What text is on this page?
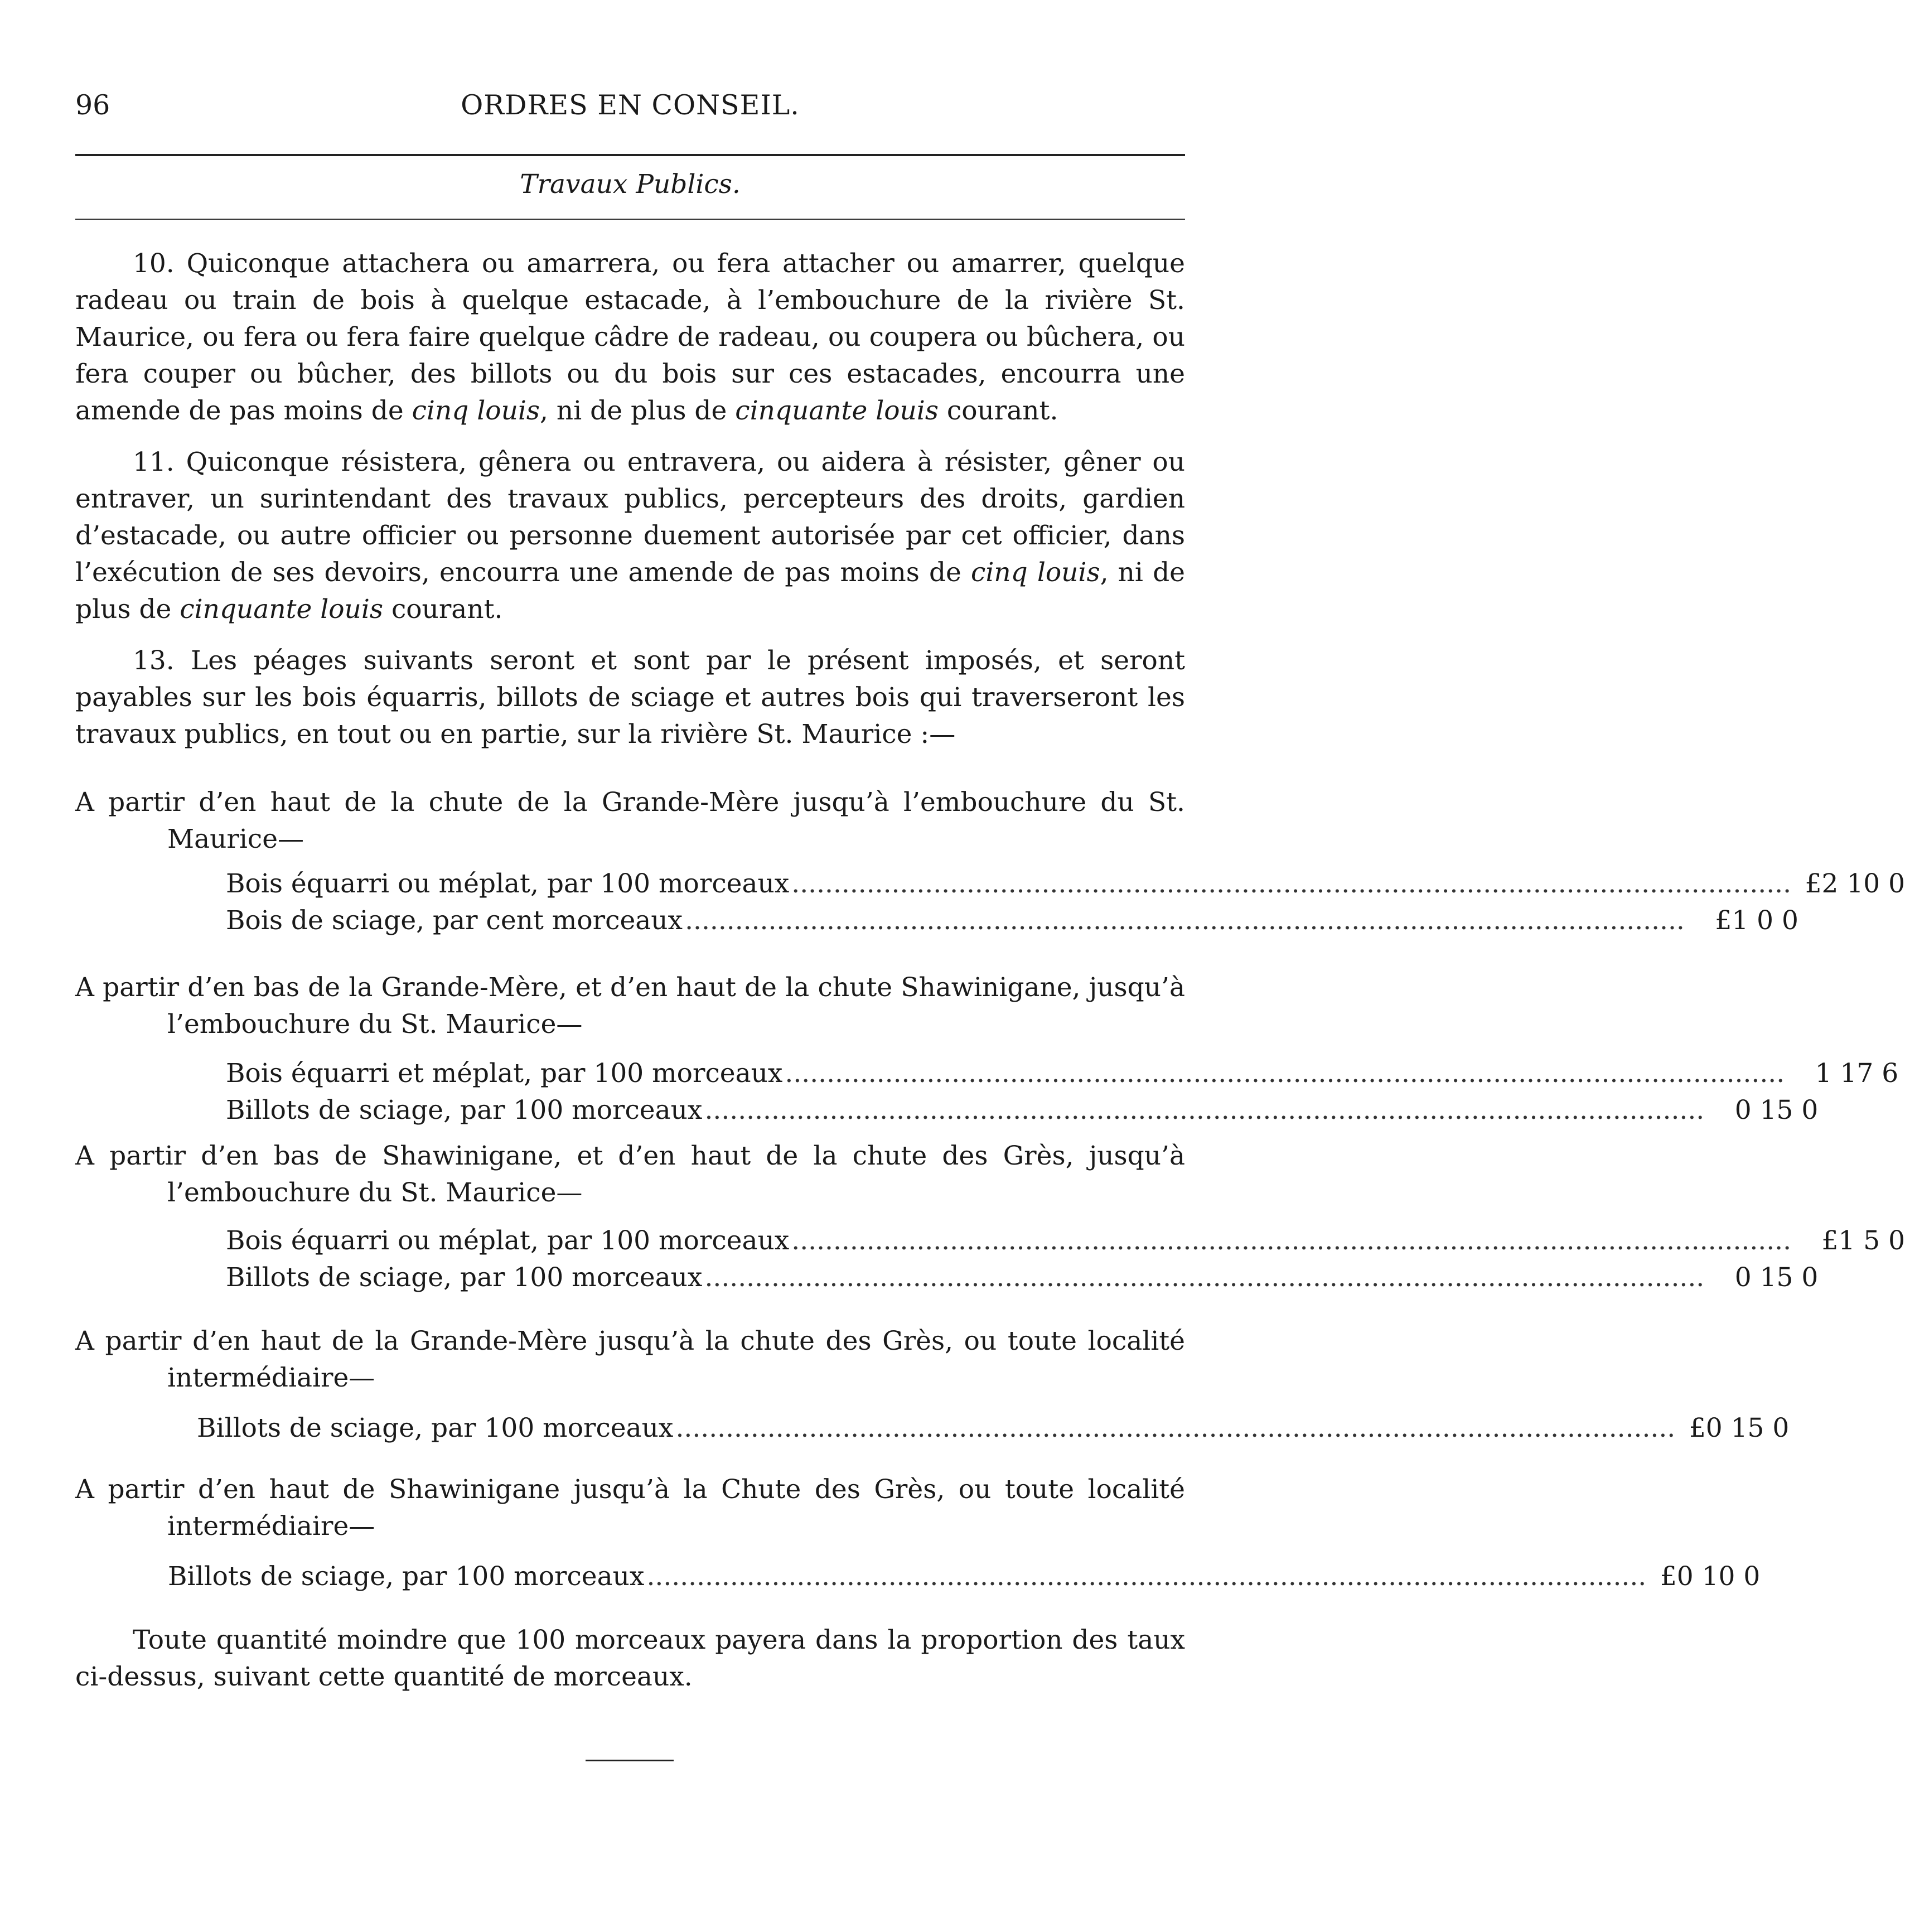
96	ORDRES EN CONSEIL.
Travaux Publics.

10. Quiconque attachera ou amarrera, ou fera attacher ou amarrer, quelque radeau ou train de bois à quelque estacade, à l’embouchure de la rivière St. Maurice, ou fera ou fera faire quelque câdre de radeau, ou coupera ou bûchera, ou fera couper ou bûcher, des billots ou du bois sur ces estacades, encourra une amende de pas moins de cinq louis, ni de plus de cinquante louis courant.

11. Quiconque résistera, gênera ou entravera, ou aidera à résister, gêner ou entraver, un surintendant des travaux publics, percepteurs des droits, gardien d’estacade, ou autre officier ou personne duement autorisée par cet officier, dans l’exécution de ses devoirs, encourra une amende de pas moins de cinq louis, ni de plus de cinquante louis courant.

13. Les péages suivants seront et sont par le présent imposés, et seront payables sur les bois équarris, billots de sciage et autres bois qui traverseront les travaux publics, en tout ou en partie, sur la rivière St. Maurice :—

A partir d’en haut de la chute de la Grande-Mère jusqu’à l’embouchure du St. Maurice—

Bois équarri ou méplat, par 100 morceaux ........................................................................................................................ £2 10 0
Bois de sciage, par cent morceaux ........................................................................................................................	£1 0 0

A partir d’en bas de la Grande-Mère, et d’en haut de la chute Shawinigane, jusqu’à l’embouchure du St. Maurice—

Bois équarri et méplat, par 100 morceaux ........................................................................................................................	1 17 6
Billots de sciage, par 100 morceaux ........................................................................................................................	0 15 0

A partir d’en bas de Shawinigane, et d’en haut de la chute des Grès, jusqu’à l’embouchure du St. Maurice—

Bois équarri ou méplat, par 100 morceaux ........................................................................................................................	£1 5 0
Billots de sciage, par 100 morceaux ........................................................................................................................	0 15 0

A partir d’en haut de la Grande-Mère jusqu’à la chute des Grès, ou toute localité intermédiaire—

Billots de sciage, par 100 morceaux ........................................................................................................................ £0 15 0

A partir d’en haut de Shawinigane jusqu’à la Chute des Grès, ou toute localité intermédiaire—

Billots de sciage, par 100 morceaux ........................................................................................................................ £0 10 0

Toute quantité moindre que 100 morceaux payera dans la proportion des taux ci-dessus, suivant cette quantité de morceaux.
